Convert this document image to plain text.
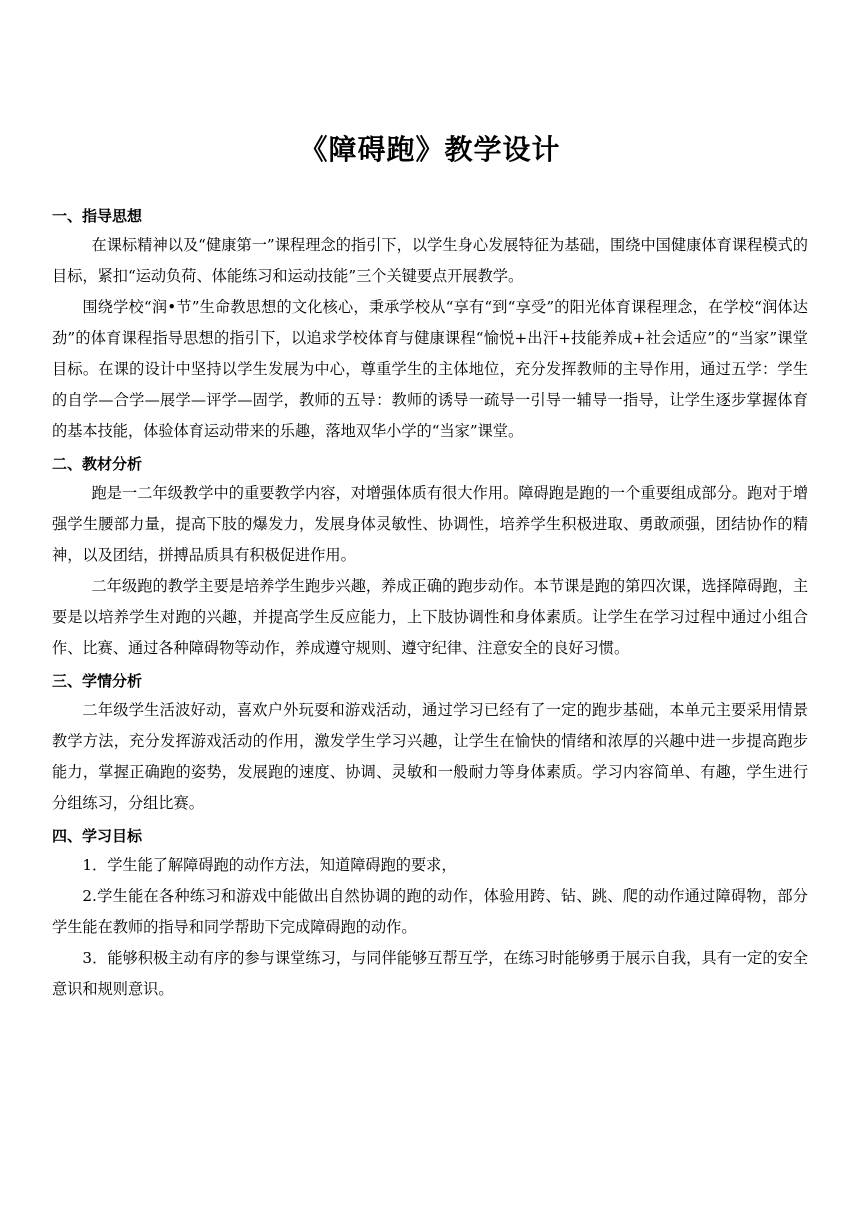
《障碍跑》教学设计

一、指导思想

在课标精神以及“健康第一”课程理念的指引下，以学生身心发展特征为基础，围绕中国健康体育课程模式的目标，紧扣“运动负荷、体能练习和运动技能”三个关键要点开展教学。

围绕学校“润•节”生命教思想的文化核心，秉承学校从“享有“到“享受”的阳光体育课程理念，在学校“润体达劲”的体育课程指导思想的指引下，以追求学校体育与健康课程“愉悦+出汗+技能养成+社会适应”的“当家”课堂目标。在课的设计中坚持以学生发展为中心，尊重学生的主体地位，充分发挥教师的主导作用，通过五学：学生的自学—合学—展学—评学—固学，教师的五导：教师的诱导一疏导一引导一辅导一指导，让学生逐步掌握体育的基本技能，体验体育运动带来的乐趣，落地双华小学的“当家”课堂。

二、教材分析

跑是一二年级教学中的重要教学内容，对增强体质有很大作用。障碍跑是跑的一个重要组成部分。跑对于增强学生腰部力量，提高下肢的爆发力，发展身体灵敏性、协调性，培养学生积极进取、勇敢顽强，团结协作的精神，以及团结，拼搏品质具有积极促进作用。

二年级跑的教学主要是培养学生跑步兴趣，养成正确的跑步动作。本节课是跑的第四次课，选择障碍跑，主要是以培养学生对跑的兴趣，并提高学生反应能力，上下肢协调性和身体素质。让学生在学习过程中通过小组合作、比赛、通过各种障碍物等动作，养成遵守规则、遵守纪律、注意安全的良好习惯。

三、学情分析

二年级学生活波好动，喜欢户外玩耍和游戏活动，通过学习已经有了一定的跑步基础，本单元主要采用情景教学方法，充分发挥游戏活动的作用，激发学生学习兴趣，让学生在愉快的情绪和浓厚的兴趣中进一步提高跑步能力，掌握正确跑的姿势，发展跑的速度、协调、灵敏和一般耐力等身体素质。学习内容简单、有趣，学生进行分组练习，分组比赛。

四、学习目标

1．学生能了解障碍跑的动作方法，知道障碍跑的要求，

2.学生能在各种练习和游戏中能做出自然协调的跑的动作，体验用跨、钻、跳、爬的动作通过障碍物，部分学生能在教师的指导和同学帮助下完成障碍跑的动作。

3．能够积极主动有序的参与课堂练习，与同伴能够互帮互学，在练习时能够勇于展示自我，具有一定的安全意识和规则意识。
